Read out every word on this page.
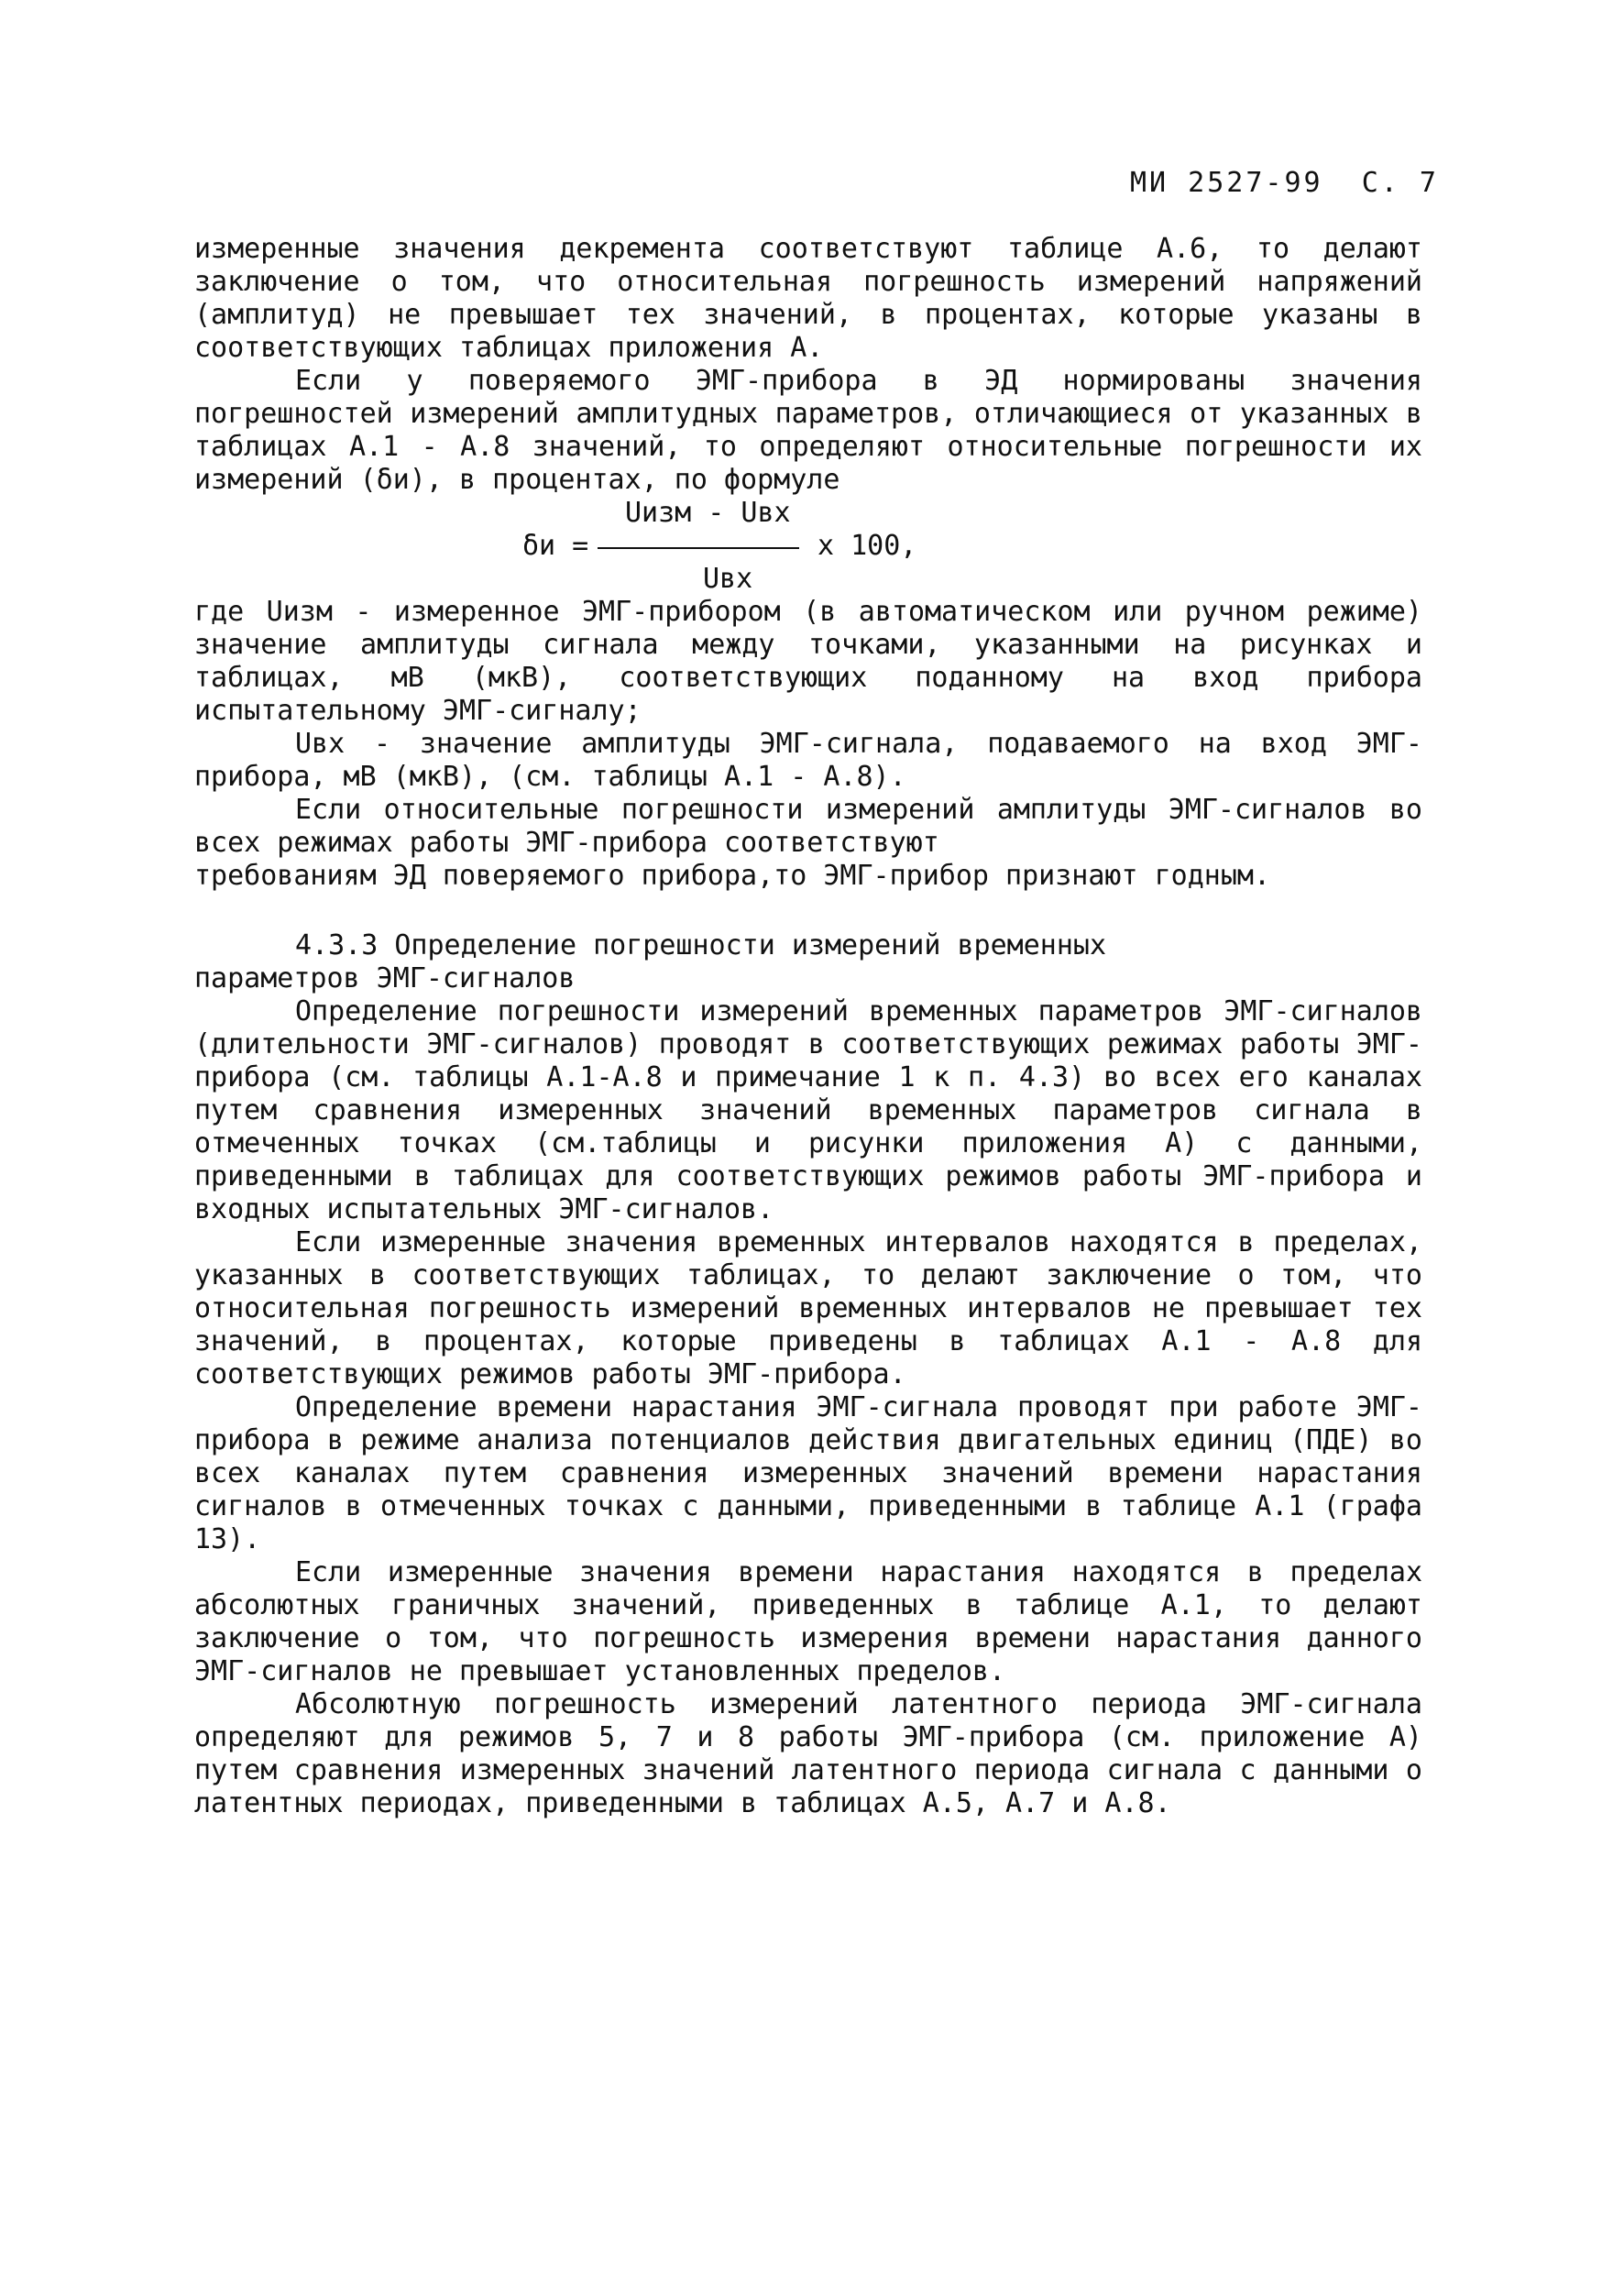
МИ 2527-99 С. 7

измеренные значения декремента соответствуют таблице А.6, то делают заключение о том, что относительная погрешность измерений напряжений (амплитуд) не превышает тех значений, в процентах, которые указаны в соответствующих таблицах приложения А.

Если у поверяемого ЭМГ-прибора в ЭД нормированы значения погрешностей измерений амплитудных параметров, отличающиеся от указанных в таблицах А.1 - А.8 значений, то определяют относительные погрешности их измерений (δи), в процентах, по формуле

Uизм - Uвх
δи =	x 100,
Uвх

где Uизм - измеренное ЭМГ-прибором (в автоматическом или ручном режиме) значение амплитуды сигнала между точками, указанными на рисунках и таблицах, мВ (мкВ), соответствующих поданному на вход прибора испытательному ЭМГ-сигналу;

Uвх - значение амплитуды ЭМГ-сигнала, подаваемого на вход ЭМГ-прибора, мВ (мкВ), (см. таблицы А.1 - А.8).

Если относительные погрешности измерений амплитуды ЭМГ-сигналов во всех режимах работы ЭМГ-прибора соответствуют

требованиям ЭД поверяемого прибора,то ЭМГ-прибор признают годным.

4.3.3 Определение погрешности измерений временных

параметров ЭМГ-сигналов

Определение погрешности измерений временных параметров ЭМГ-сигналов (длительности ЭМГ-сигналов) проводят в соответствующих режимах работы ЭМГ-прибора (см. таблицы А.1-А.8 и примечание 1 к п. 4.3) во всех его каналах путем сравнения измеренных значений временных параметров сигнала в отмеченных точках (см.таблицы и рисунки приложения А) с данными, приведенными в таблицах для соответствующих режимов работы ЭМГ-прибора и входных испытательных ЭМГ-сигналов.

Если измеренные значения временных интервалов находятся в пределах, указанных в соответствующих таблицах, то делают заключение о том, что относительная погрешность измерений временных интервалов не превышает тех значений, в процентах, которые приведены в таблицах А.1 - А.8 для соответствующих режимов работы ЭМГ-прибора.

Определение времени нарастания ЭМГ-сигнала проводят при работе ЭМГ-прибора в режиме анализа потенциалов действия двигательных единиц (ПДЕ) во всех каналах путем сравнения измеренных значений времени нарастания сигналов в отмеченных точках с данными, приведенными в таблице А.1 (графа 13).

Если измеренные значения времени нарастания находятся в пределах абсолютных граничных значений, приведенных в таблице А.1, то делают заключение о том, что погрешность измерения времени нарастания данного ЭМГ-сигналов не превышает установленных пределов.

Абсолютную погрешность измерений латентного периода ЭМГ-сигнала определяют для режимов 5, 7 и 8 работы ЭМГ-прибора (см. приложение А) путем сравнения измеренных значений латентного периода сигнала с данными о латентных периодах, приведенными в таблицах А.5, А.7 и А.8.
